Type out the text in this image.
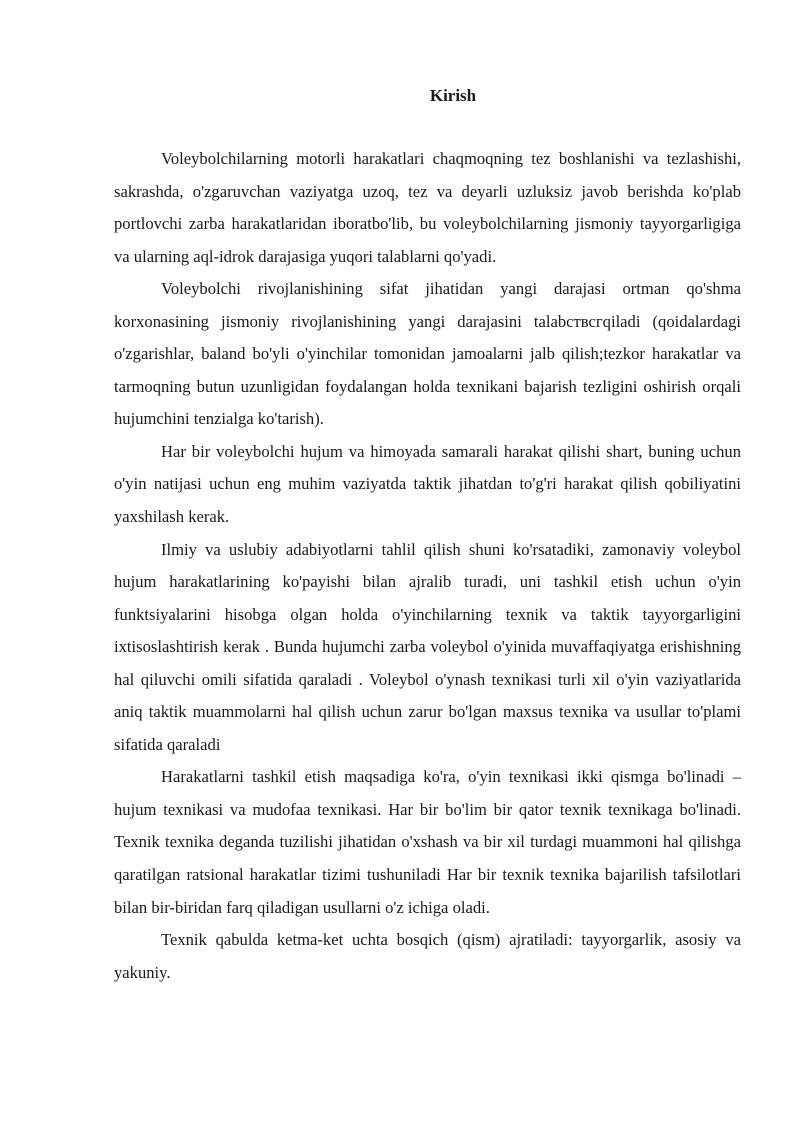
Kirish

Voleybolchilarning motorli harakatlari chaqmoqning tez boshlanishi va tezlashishi, sakrashda, o'zgaruvchan vaziyatga uzoq, tez va deyarli uzluksiz javob berishda ko'plab portlovchi zarba harakatlaridan iboratbo'lib, bu voleybolchilarning jismoniy tayyorgarligiga va ularning aql-idrok darajasiga yuqori talablarni qo'yadi.

Voleybolchi rivojlanishining sifat jihatidan yangi darajasi ortman qo'shma korxonasining jismoniy rivojlanishining yangi darajasini talabствсгqiladi (qoidalardagi o'zgarishlar, baland bo'yli o'yinchilar tomonidan jamoalarni jalb qilish;tezkor harakatlar va tarmoqning butun uzunligidan foydalangan holda texnikani bajarish tezligini oshirish orqali hujumchini tenzialga ko'tarish).

Har bir voleybolchi hujum va himoyada samarali harakat qilishi shart, buning uchun o'yin natijasi uchun eng muhim vaziyatda taktik jihatdan to'g'ri harakat qilish qobiliyatini yaxshilash kerak.

Ilmiy va uslubiy adabiyotlarni tahlil qilish shuni ko'rsatadiki, zamonaviy voleybol hujum harakatlarining ko'payishi bilan ajralib turadi, uni tashkil etish uchun o'yin funktsiyalarini hisobga olgan holda o'yinchilarning texnik va taktik tayyorgarligini ixtisoslashtirish kerak . Bunda hujumchi zarba voleybol o'yinida muvaffaqiyatga erishishning hal qiluvchi omili sifatida qaraladi . Voleybol o'ynash texnikasi turli xil o'yin vaziyatlarida aniq taktik muammolarni hal qilish uchun zarur bo'lgan maxsus texnika va usullar to'plami sifatida qaraladi

Harakatlarni tashkil etish maqsadiga ko'ra, o'yin texnikasi ikki qismga bo'linadi – hujum texnikasi va mudofaa texnikasi. Har bir bo'lim bir qator texnik texnikaga bo'linadi. Texnik texnika deganda tuzilishi jihatidan o'xshash va bir xil turdagi muammoni hal qilishga qaratilgan ratsional harakatlar tizimi tushuniladi Har bir texnik texnika bajarilish tafsilotlari bilan bir-biridan farq qiladigan usullarni o'z ichiga oladi.

Texnik qabulda ketma-ket uchta bosqich (qism) ajratiladi: tayyorgarlik, asosiy va yakuniy.
